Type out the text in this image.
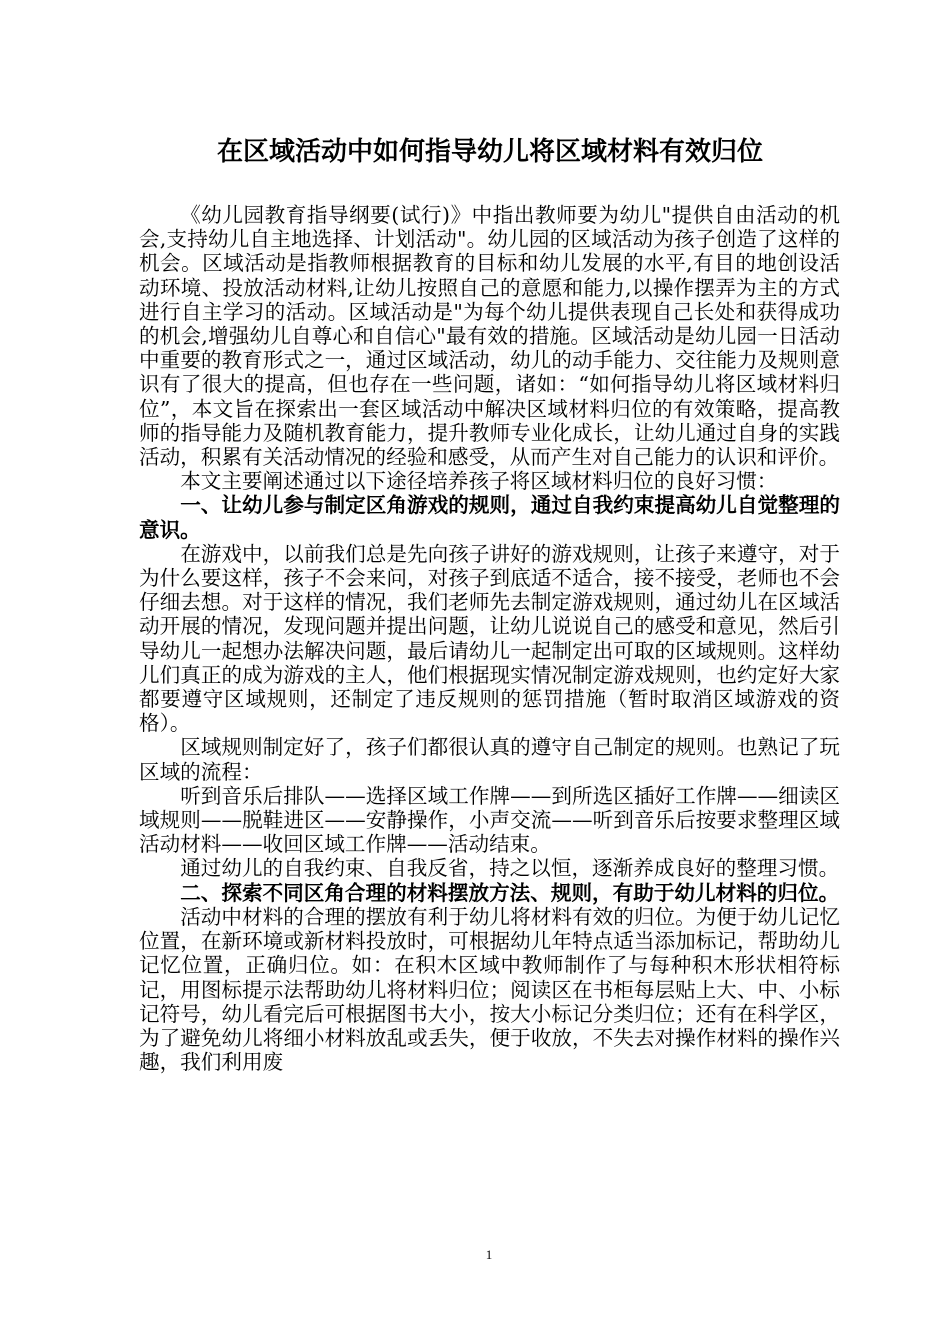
在区域活动中如何指导幼儿将区域材料有效归位

《幼儿园教育指导纲要(试行)》中指出教师要为幼儿"提供自由活动的机会,支持幼儿自主地选择、计划活动"。幼儿园的区域活动为孩子创造了这样的机会。区域活动是指教师根据教育的目标和幼儿发展的水平,有目的地创设活动环境、投放活动材料,让幼儿按照自己的意愿和能力,以操作摆弄为主的方式进行自主学习的活动。区域活动是"为每个幼儿提供表现自己长处和获得成功的机会,增强幼儿自尊心和自信心"最有效的措施。区域活动是幼儿园一日活动中重要的教育形式之一，通过区域活动，幼儿的动手能力、交往能力及规则意识有了很大的提高，但也存在一些问题，诸如：“如何指导幼儿将区域材料归位”，本文旨在探索出一套区域活动中解决区域材料归位的有效策略，提高教师的指导能力及随机教育能力，提升教师专业化成长，让幼儿通过自身的实践活动，积累有关活动情况的经验和感受，从而产生对自己能力的认识和评价。

本文主要阐述通过以下途径培养孩子将区域材料归位的良好习惯：

一、让幼儿参与制定区角游戏的规则，通过自我约束提高幼儿自觉整理的意识。

在游戏中，以前我们总是先向孩子讲好的游戏规则，让孩子来遵守，对于为什么要这样，孩子不会来问，对孩子到底适不适合，接不接受，老师也不会仔细去想。对于这样的情况，我们老师先去制定游戏规则，通过幼儿在区域活动开展的情况，发现问题并提出问题，让幼儿说说自己的感受和意见，然后引导幼儿一起想办法解决问题，最后请幼儿一起制定出可取的区域规则。这样幼儿们真正的成为游戏的主人，他们根据现实情况制定游戏规则，也约定好大家都要遵守区域规则，还制定了违反规则的惩罚措施（暂时取消区域游戏的资格）。

区域规则制定好了，孩子们都很认真的遵守自己制定的规则。也熟记了玩区域的流程：

听到音乐后排队——选择区域工作牌——到所选区插好工作牌——细读区域规则——脱鞋进区——安静操作，小声交流——听到音乐后按要求整理区域活动材料——收回区域工作牌——活动结束。

通过幼儿的自我约束、自我反省，持之以恒，逐渐养成良好的整理习惯。

二、探索不同区角合理的材料摆放方法、规则，有助于幼儿材料的归位。

活动中材料的合理的摆放有利于幼儿将材料有效的归位。为便于幼儿记忆位置，在新环境或新材料投放时，可根据幼儿年特点适当添加标记，帮助幼儿记忆位置，正确归位。如：在积木区域中教师制作了与每种积木形状相符标记，用图标提示法帮助幼儿将材料归位；阅读区在书柜每层贴上大、中、小标记符号，幼儿看完后可根据图书大小，按大小标记分类归位；还有在科学区，为了避免幼儿将细小材料放乱或丢失，便于收放，不失去对操作材料的操作兴趣，我们利用废

1
